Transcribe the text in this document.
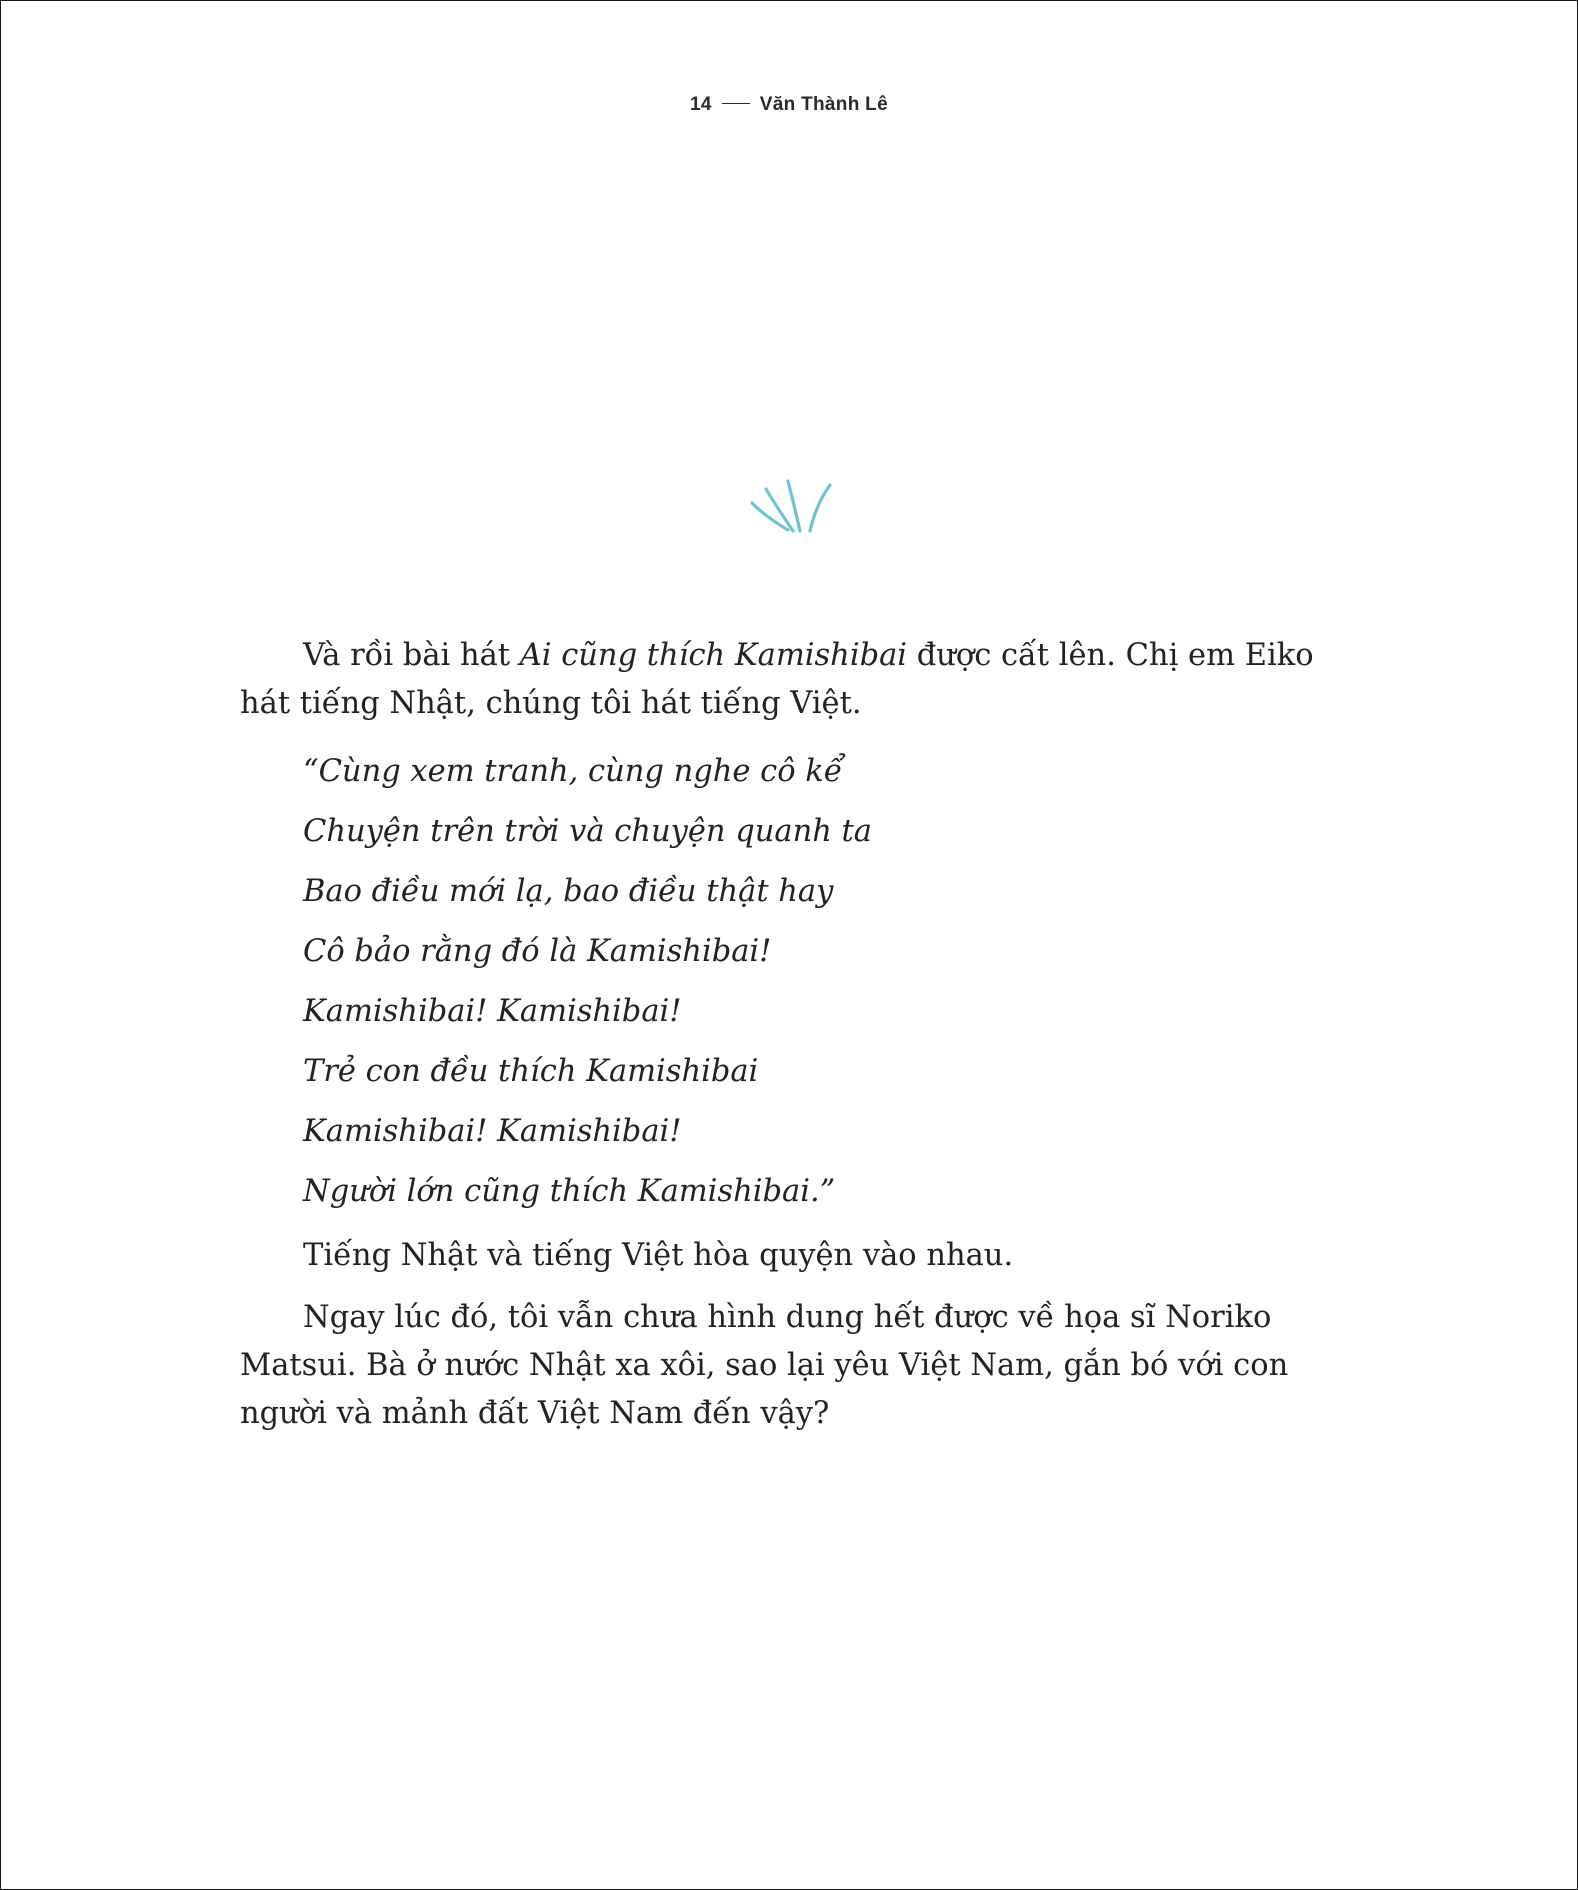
14	Văn Thành Lê

Và rồi bài hát Ai cũng thích Kamishibai được cất lên. Chị em Eiko hát tiếng Nhật, chúng tôi hát tiếng Việt.

“Cùng xem tranh, cùng nghe cô kể

Chuyện trên trời và chuyện quanh ta

Bao điều mới lạ, bao điều thật hay

Cô bảo rằng đó là Kamishibai!

Kamishibai! Kamishibai!

Trẻ con đều thích Kamishibai

Kamishibai! Kamishibai!

Người lớn cũng thích Kamishibai.”

Tiếng Nhật và tiếng Việt hòa quyện vào nhau.

Ngay lúc đó, tôi vẫn chưa hình dung hết được về họa sĩ Noriko Matsui. Bà ở nước Nhật xa xôi, sao lại yêu Việt Nam, gắn bó với con người và mảnh đất Việt Nam đến vậy?
